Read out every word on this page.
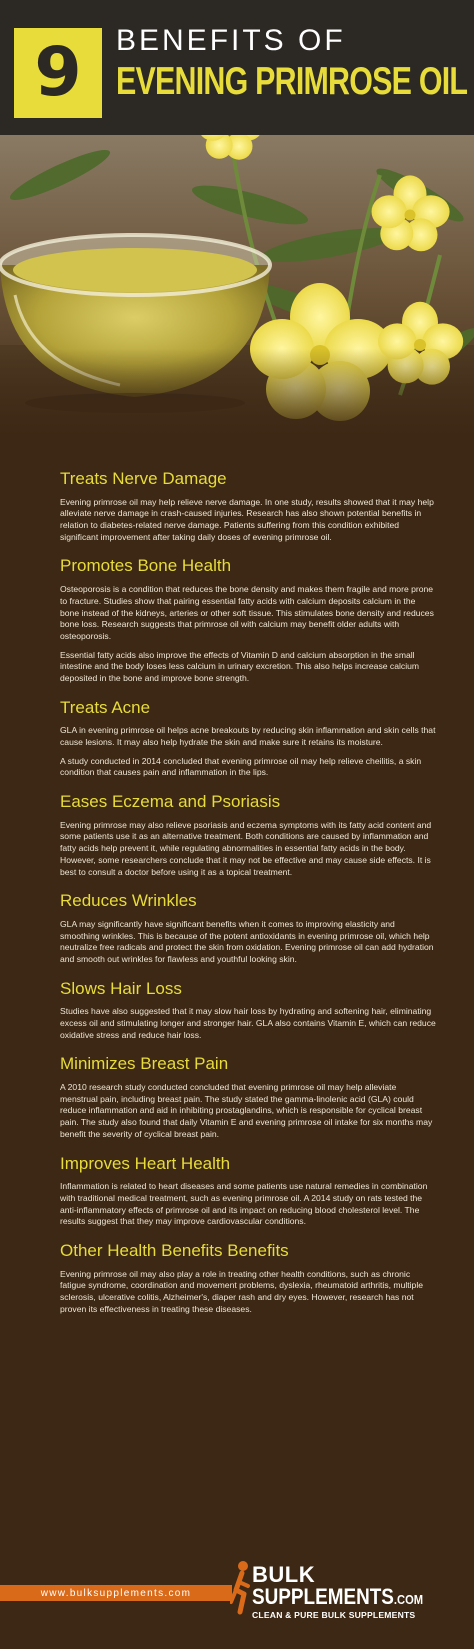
9 BENEFITS OF
EVENING PRIMROSE OIL
Treats Nerve Damage

Evening primrose oil may help relieve nerve damage. In one study, results showed that it may help alleviate nerve damage in crash-caused injuries. Research has also shown potential benefits in relation to diabetes-related nerve damage. Patients suffering from this condition exhibited significant improvement after taking daily doses of evening primrose oil.

Promotes Bone Health

Osteoporosis is a condition that reduces the bone density and makes them fragile and more prone to fracture. Studies show that pairing essential fatty acids with calcium deposits calcium in the bone instead of the kidneys, arteries or other soft tissue. This stimulates bone density and reduces bone loss. Research suggests that primrose oil with calcium may benefit older adults with osteoporosis.

Essential fatty acids also improve the effects of Vitamin D and calcium absorption in the small intestine and the body loses less calcium in urinary excretion. This also helps increase calcium deposited in the bone and improve bone strength.

Treats Acne

GLA in evening primrose oil helps acne breakouts by reducing skin inflammation and skin cells that cause lesions. It may also help hydrate the skin and make sure it retains its moisture.

A study conducted in 2014 concluded that evening primrose oil may help relieve cheilitis, a skin condition that causes pain and inflammation in the lips.

Eases Eczema and Psoriasis

Evening primrose may also relieve psoriasis and eczema symptoms with its fatty acid content and some patients use it as an alternative treatment. Both conditions are caused by inflammation and fatty acids help prevent it, while regulating abnormalities in essential fatty acids in the body. However, some researchers conclude that it may not be effective and may cause side effects. It is best to consult a doctor before using it as a topical treatment.

Reduces Wrinkles

GLA may significantly have significant benefits when it comes to improving elasticity and smoothing wrinkles. This is because of the potent antioxidants in evening primrose oil, which help neutralize free radicals and protect the skin from oxidation. Evening primrose oil can add hydration and smooth out wrinkles for flawless and youthful looking skin.

Slows Hair Loss

Studies have also suggested that it may slow hair loss by hydrating and softening hair, eliminating excess oil and stimulating longer and stronger hair. GLA also contains Vitamin E, which can reduce oxidative stress and reduce hair loss.

Minimizes Breast Pain

A 2010 research study conducted concluded that evening primrose oil may help alleviate menstrual pain, including breast pain. The study stated the gamma-linolenic acid (GLA) could reduce inflammation and aid in inhibiting prostaglandins, which is responsible for cyclical breast pain. The study also found that daily Vitamin E and evening primrose oil intake for six months may benefit the severity of cyclical breast pain.

Improves Heart Health

Inflammation is related to heart diseases and some patients use natural remedies in combination with traditional medical treatment, such as evening primrose oil. A 2014 study on rats tested the anti-inflammatory effects of primrose oil and its impact on reducing blood cholesterol level. The results suggest that they may improve cardiovascular conditions.

Other Health Benefits Benefits

Evening primrose oil may also play a role in treating other health conditions, such as chronic fatigue syndrome, coordination and movement problems, dyslexia, rheumatoid arthritis, multiple sclerosis, ulcerative colitis, Alzheimer's, diaper rash and dry eyes. However, research has not proven its effectiveness in treating these diseases.

www.bulksupplements.com
BULK
SUPPLEMENTS.COM
CLEAN & PURE BULK SUPPLEMENTS
